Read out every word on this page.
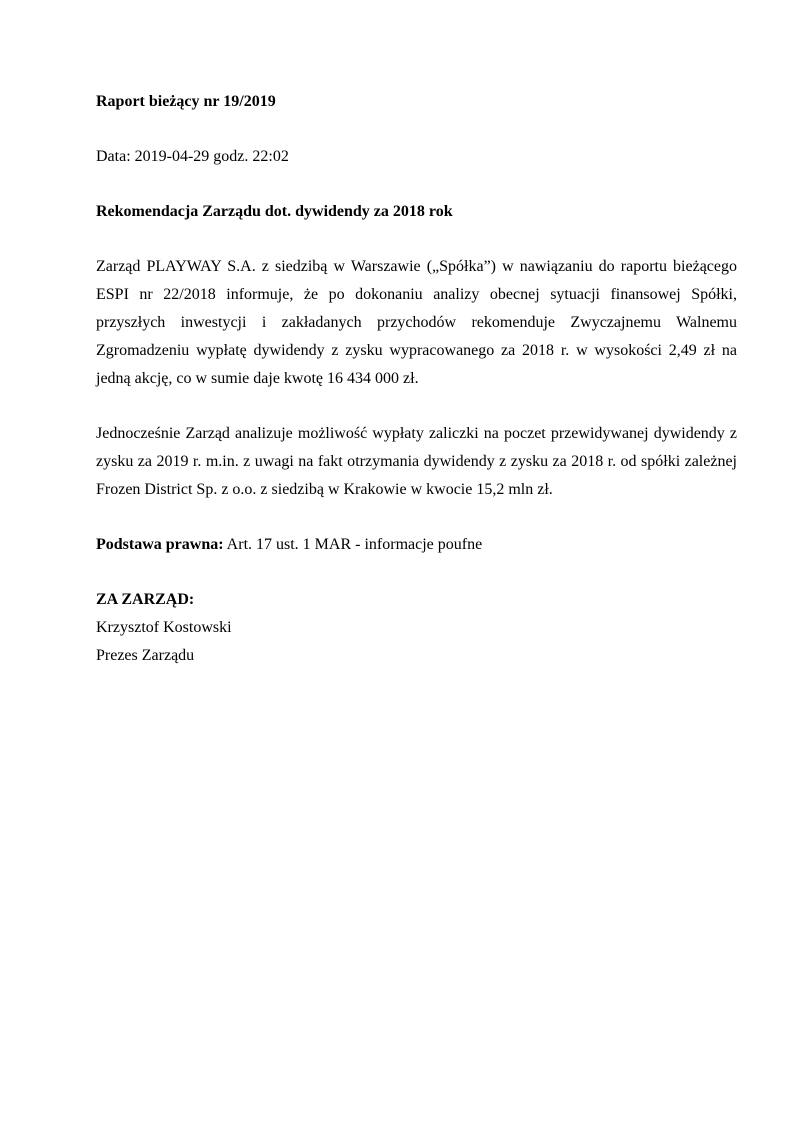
Raport bieżący nr 19/2019

Data: 2019-04-29 godz. 22:02

Rekomendacja Zarządu dot. dywidendy za 2018 rok

Zarząd PLAYWAY S.A. z siedzibą w Warszawie („Spółka”) w nawiązaniu do raportu bieżącego ESPI nr 22/2018 informuje, że po dokonaniu analizy obecnej sytuacji finansowej Spółki, przyszłych inwestycji i zakładanych przychodów rekomenduje Zwyczajnemu Walnemu Zgromadzeniu wypłatę dywidendy z zysku wypracowanego za 2018 r. w wysokości 2,49 zł na jedną akcję, co w sumie daje kwotę 16 434 000 zł.

Jednocześnie Zarząd analizuje możliwość wypłaty zaliczki na poczet przewidywanej dywidendy z zysku za 2019 r. m.in. z uwagi na fakt otrzymania dywidendy z zysku za 2018 r. od spółki zależnej Frozen District Sp. z o.o. z siedzibą w Krakowie w kwocie 15,2 mln zł.

Podstawa prawna: Art. 17 ust. 1 MAR - informacje poufne

ZA ZARZĄD:

Krzysztof Kostowski

Prezes Zarządu
